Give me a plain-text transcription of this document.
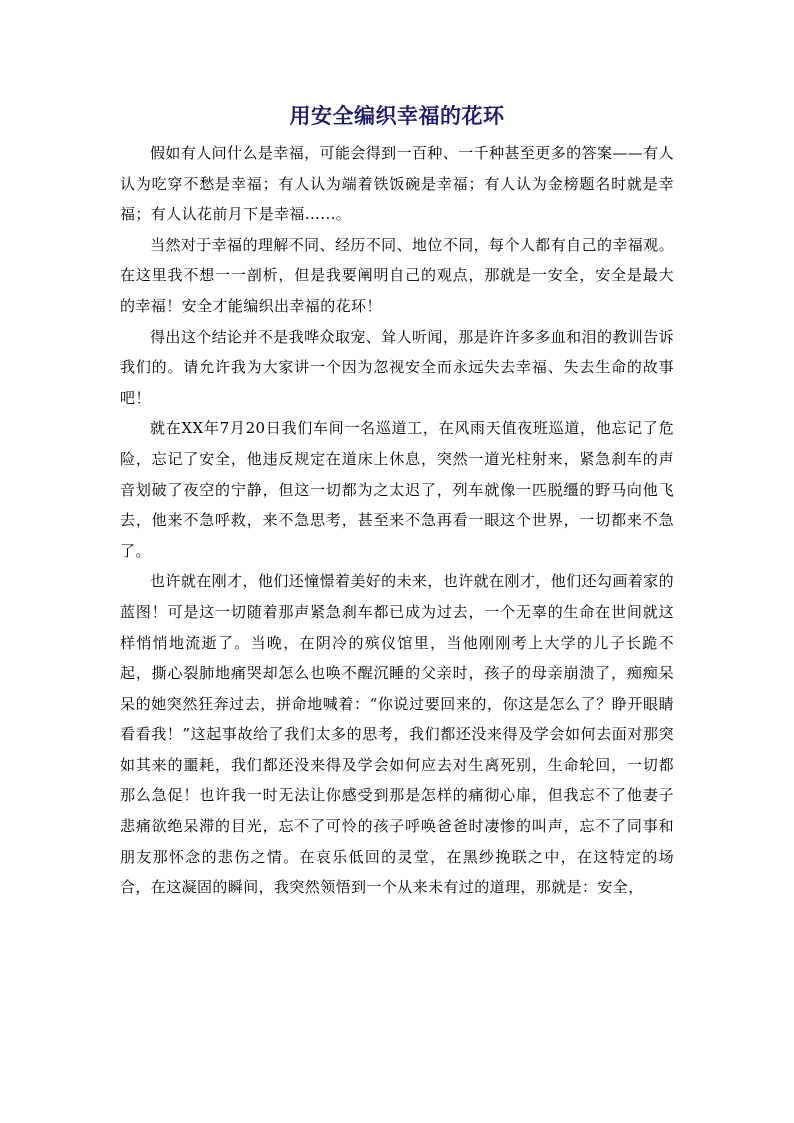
用安全编织幸福的花环

假如有人问什么是幸福，可能会得到一百种、一千种甚至更多的答案——有人认为吃穿不愁是幸福；有人认为端着铁饭碗是幸福；有人认为金榜题名时就是幸福；有人认花前月下是幸福......。

当然对于幸福的理解不同、经历不同、地位不同，每个人都有自己的幸福观。在这里我不想一一剖析，但是我要阐明自己的观点，那就是一安全，安全是最大的幸福！安全才能编织出幸福的花环！

得出这个结论并不是我哗众取宠、耸人听闻，那是许许多多血和泪的教训告诉我们的。请允许我为大家讲一个因为忽视安全而永远失去幸福、失去生命的故事吧！

就在XX年7月20日我们车间一名巡道工，在风雨天值夜班巡道，他忘记了危险，忘记了安全，他违反规定在道床上休息，突然一道光柱射来，紧急刹车的声音划破了夜空的宁静，但这一切都为之太迟了，列车就像一匹脱缰的野马向他飞去，他来不急呼救，来不急思考，甚至来不急再看一眼这个世界，一切都来不急了。

也许就在刚才，他们还憧憬着美好的未来，也许就在刚才，他们还勾画着家的蓝图！可是这一切随着那声紧急刹车都已成为过去，一个无辜的生命在世间就这样悄悄地流逝了。当晚，在阴冷的殡仪馆里，当他刚刚考上大学的儿子长跪不起，撕心裂肺地痛哭却怎么也唤不醒沉睡的父亲时，孩子的母亲崩溃了，痴痴呆呆的她突然狂奔过去，拼命地喊着：“你说过要回来的，你这是怎么了？睁开眼睛看看我！”这起事故给了我们太多的思考，我们都还没来得及学会如何去面对那突如其来的噩耗，我们都还没来得及学会如何应去对生离死别，生命轮回，一切都那么急促！也许我一时无法让你感受到那是怎样的痛彻心扉，但我忘不了他妻子悲痛欲绝呆滞的目光，忘不了可怜的孩子呼唤爸爸时凄惨的叫声，忘不了同事和朋友那怀念的悲伤之情。在哀乐低回的灵堂，在黑纱挽联之中，在这特定的场合，在这凝固的瞬间，我突然领悟到一个从来未有过的道理，那就是：安全，
